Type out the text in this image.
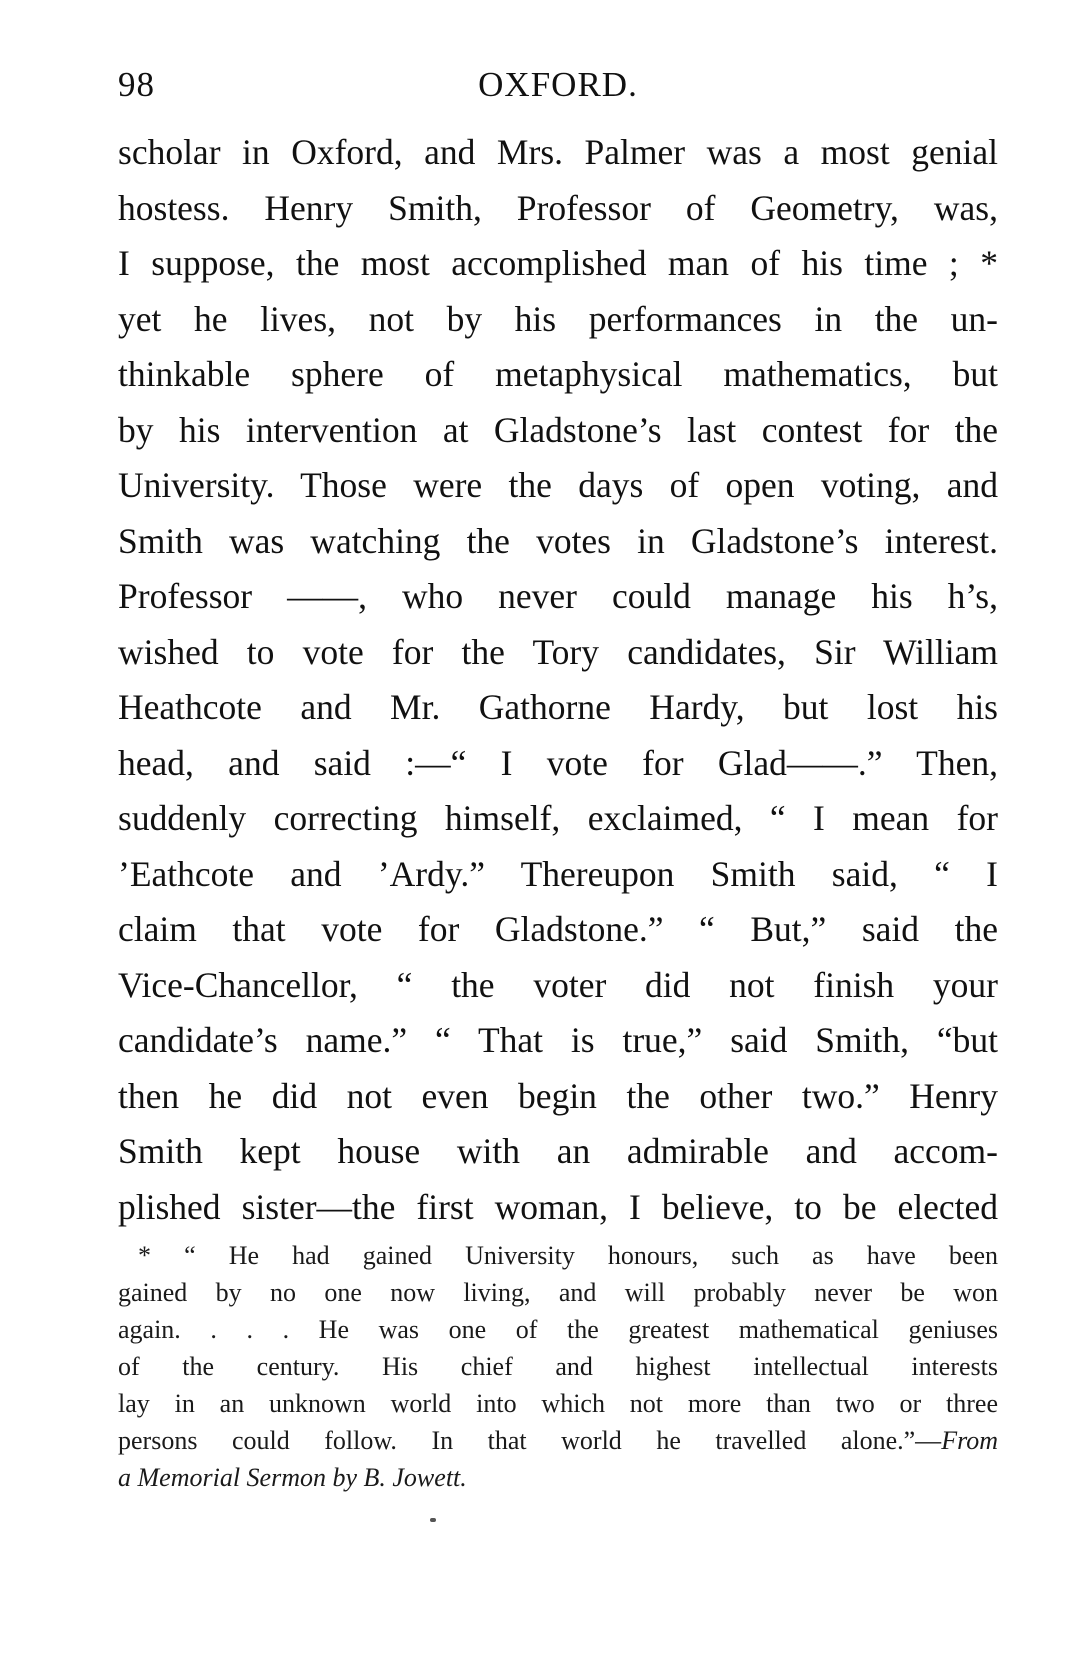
98	OXFORD.
scholar in Oxford, and Mrs. Palmer was a most genial
hostess. Henry Smith, Professor of Geometry, was,
I suppose, the most accomplished man of his time ; *
yet he lives, not by his performances in the un-
thinkable sphere of metaphysical mathematics, but
by his intervention at Gladstone’s last contest for the
University. Those were the days of open voting, and
Smith was watching the votes in Gladstone’s interest.
Professor ——, who never could manage his h’s,
wished to vote for the Tory candidates, Sir William
Heathcote and Mr. Gathorne Hardy, but lost his
head, and said :—“ I vote for Glad——.” Then,
suddenly correcting himself, exclaimed, “ I mean for
’Eathcote and ’Ardy.” Thereupon Smith said, “ I
claim that vote for Gladstone.” “ But,” said the
Vice-Chancellor, “ the voter did not finish your
candidate’s name.” “ That is true,” said Smith, “but
then he did not even begin the other two.” Henry
Smith kept house with an admirable and accom-
plished sister—the first woman, I believe, to be elected
* “ He had gained University honours, such as have been
gained by no one now living, and will probably never be won
again. . . . He was one of the greatest mathematical geniuses
of the century. His chief and highest intellectual interests
lay in an unknown world into which not more than two or three
persons could follow. In that world he travelled alone.”—From
a Memorial Sermon by B. Jowett.
